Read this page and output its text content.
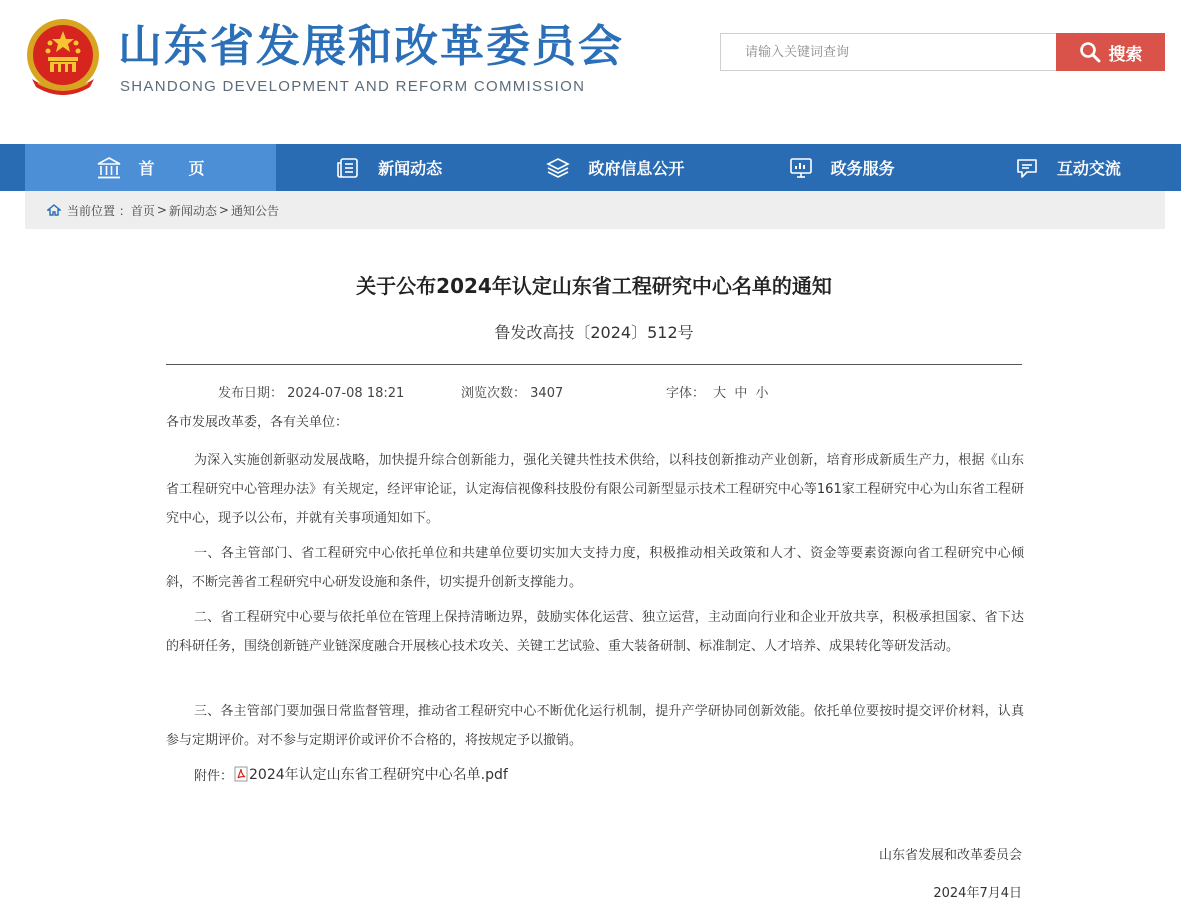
山东省发展和改革委员会
SHANDONG DEVELOPMENT AND REFORM COMMISSION
请输入关键词查询
搜索
首页	新闻动态	政府信息公开	政务服务	互动交流
当前位置 ： 首页 > 新闻动态 > 通知公告
关于公布2024年认定山东省工程研究中心名单的通知
鲁发改高技〔2024〕512号
发布日期： 2024-07-08 18:21	浏览次数： 3407	字体： 大 中 小
各市发展改革委，各有关单位：
为深入实施创新驱动发展战略，加快提升综合创新能力，强化关键共性技术供给，以科技创新推动产业创新，培育形成新质生产力，根据《山东省工程研究中心管理办法》有关规定，经评审论证，认定海信视像科技股份有限公司新型显示技术工程研究中心等161家工程研究中心为山东省工程研究中心，现予以公布，并就有关事项通知如下。
一、各主管部门、省工程研究中心依托单位和共建单位要切实加大支持力度，积极推动相关政策和人才、资金等要素资源向省工程研究中心倾斜，不断完善省工程研究中心研发设施和条件，切实提升创新支撑能力。
二、省工程研究中心要与依托单位在管理上保持清晰边界，鼓励实体化运营、独立运营，主动面向行业和企业开放共享，积极承担国家、省下达的科研任务，围绕创新链产业链深度融合开展核心技术攻关、关键工艺试验、重大装备研制、标准制定、人才培养、成果转化等研发活动。
三、各主管部门要加强日常监督管理，推动省工程研究中心不断优化运行机制，提升产学研协同创新效能。依托单位要按时提交评价材料，认真参与定期评价。对不参与定期评价或评价不合格的，将按规定予以撤销。
附件： 2024年认定山东省工程研究中心名单.pdf
山东省发展和改革委员会
2024年7月4日
